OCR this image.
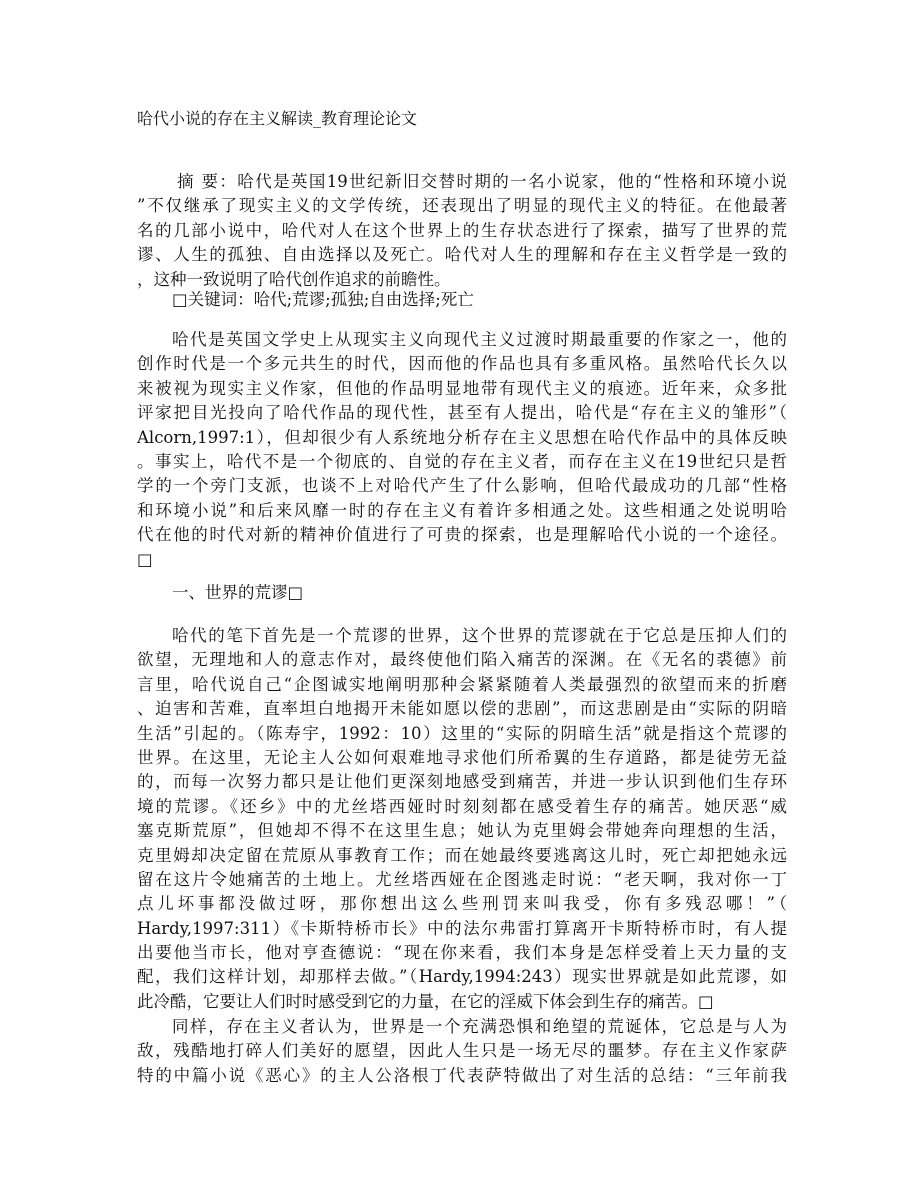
哈代小说的存在主义解读_教育理论论文
摘 要：哈代是英国19世纪新旧交替时期的一名小说家，他的“性格和环境小说
”不仅继承了现实主义的文学传统，还表现出了明显的现代主义的特征。在他最著
名的几部小说中，哈代对人在这个世界上的生存状态进行了探索，描写了世界的荒
谬、人生的孤独、自由选择以及死亡。哈代对人生的理解和存在主义哲学是一致的
，这种一致说明了哈代创作追求的前瞻性。
□关键词：哈代;荒谬;孤独;自由选择;死亡
哈代是英国文学史上从现实主义向现代主义过渡时期最重要的作家之一，他的
创作时代是一个多元共生的时代，因而他的作品也具有多重风格。虽然哈代长久以
来被视为现实主义作家，但他的作品明显地带有现代主义的痕迹。近年来，众多批
评家把目光投向了哈代作品的现代性，甚至有人提出，哈代是“存在主义的雏形”（
Alcorn,1997:1），但却很少有人系统地分析存在主义思想在哈代作品中的具体反映
。事实上，哈代不是一个彻底的、自觉的存在主义者，而存在主义在19世纪只是哲
学的一个旁门支派，也谈不上对哈代产生了什么影响，但哈代最成功的几部“性格
和环境小说”和后来风靡一时的存在主义有着许多相通之处。这些相通之处说明哈
代在他的时代对新的精神价值进行了可贵的探索，也是理解哈代小说的一个途径。
□
一、世界的荒谬□
哈代的笔下首先是一个荒谬的世界，这个世界的荒谬就在于它总是压抑人们的
欲望，无理地和人的意志作对，最终使他们陷入痛苦的深渊。在《无名的裘德》前
言里，哈代说自己“企图诚实地阐明那种会紧紧随着人类最强烈的欲望而来的折磨
、迫害和苦难，直率坦白地揭开未能如愿以偿的悲剧”，而这悲剧是由“实际的阴暗
生活”引起的。（陈寿宇，1992：10）这里的“实际的阴暗生活”就是指这个荒谬的
世界。在这里，无论主人公如何艰难地寻求他们所希翼的生存道路，都是徒劳无益
的，而每一次努力都只是让他们更深刻地感受到痛苦，并进一步认识到他们生存环
境的荒谬。《还乡》中的尤丝塔西娅时时刻刻都在感受着生存的痛苦。她厌恶“威
塞克斯荒原”，但她却不得不在这里生息；她认为克里姆会带她奔向理想的生活，
克里姆却决定留在荒原从事教育工作；而在她最终要逃离这儿时，死亡却把她永远
留在这片令她痛苦的土地上。尤丝塔西娅在企图逃走时说：“老天啊，我对你一丁
点儿坏事都没做过呀，那你想出这么些刑罚来叫我受，你有多残忍哪！”（
Hardy,1997:311）《卡斯特桥市长》中的法尔弗雷打算离开卡斯特桥市时，有人提
出要他当市长，他对亨查德说：“现在你来看，我们本身是怎样受着上天力量的支
配，我们这样计划，却那样去做。”（Hardy,1994:243）现实世界就是如此荒谬，如
此冷酷，它要让人们时时感受到它的力量，在它的淫威下体会到生存的痛苦。□
同样，存在主义者认为，世界是一个充满恐惧和绝望的荒诞体，它总是与人为
敌，残酷地打碎人们美好的愿望，因此人生只是一场无尽的噩梦。存在主义作家萨
特的中篇小说《恶心》的主人公洛根丁代表萨特做出了对生活的总结：“三年前我
